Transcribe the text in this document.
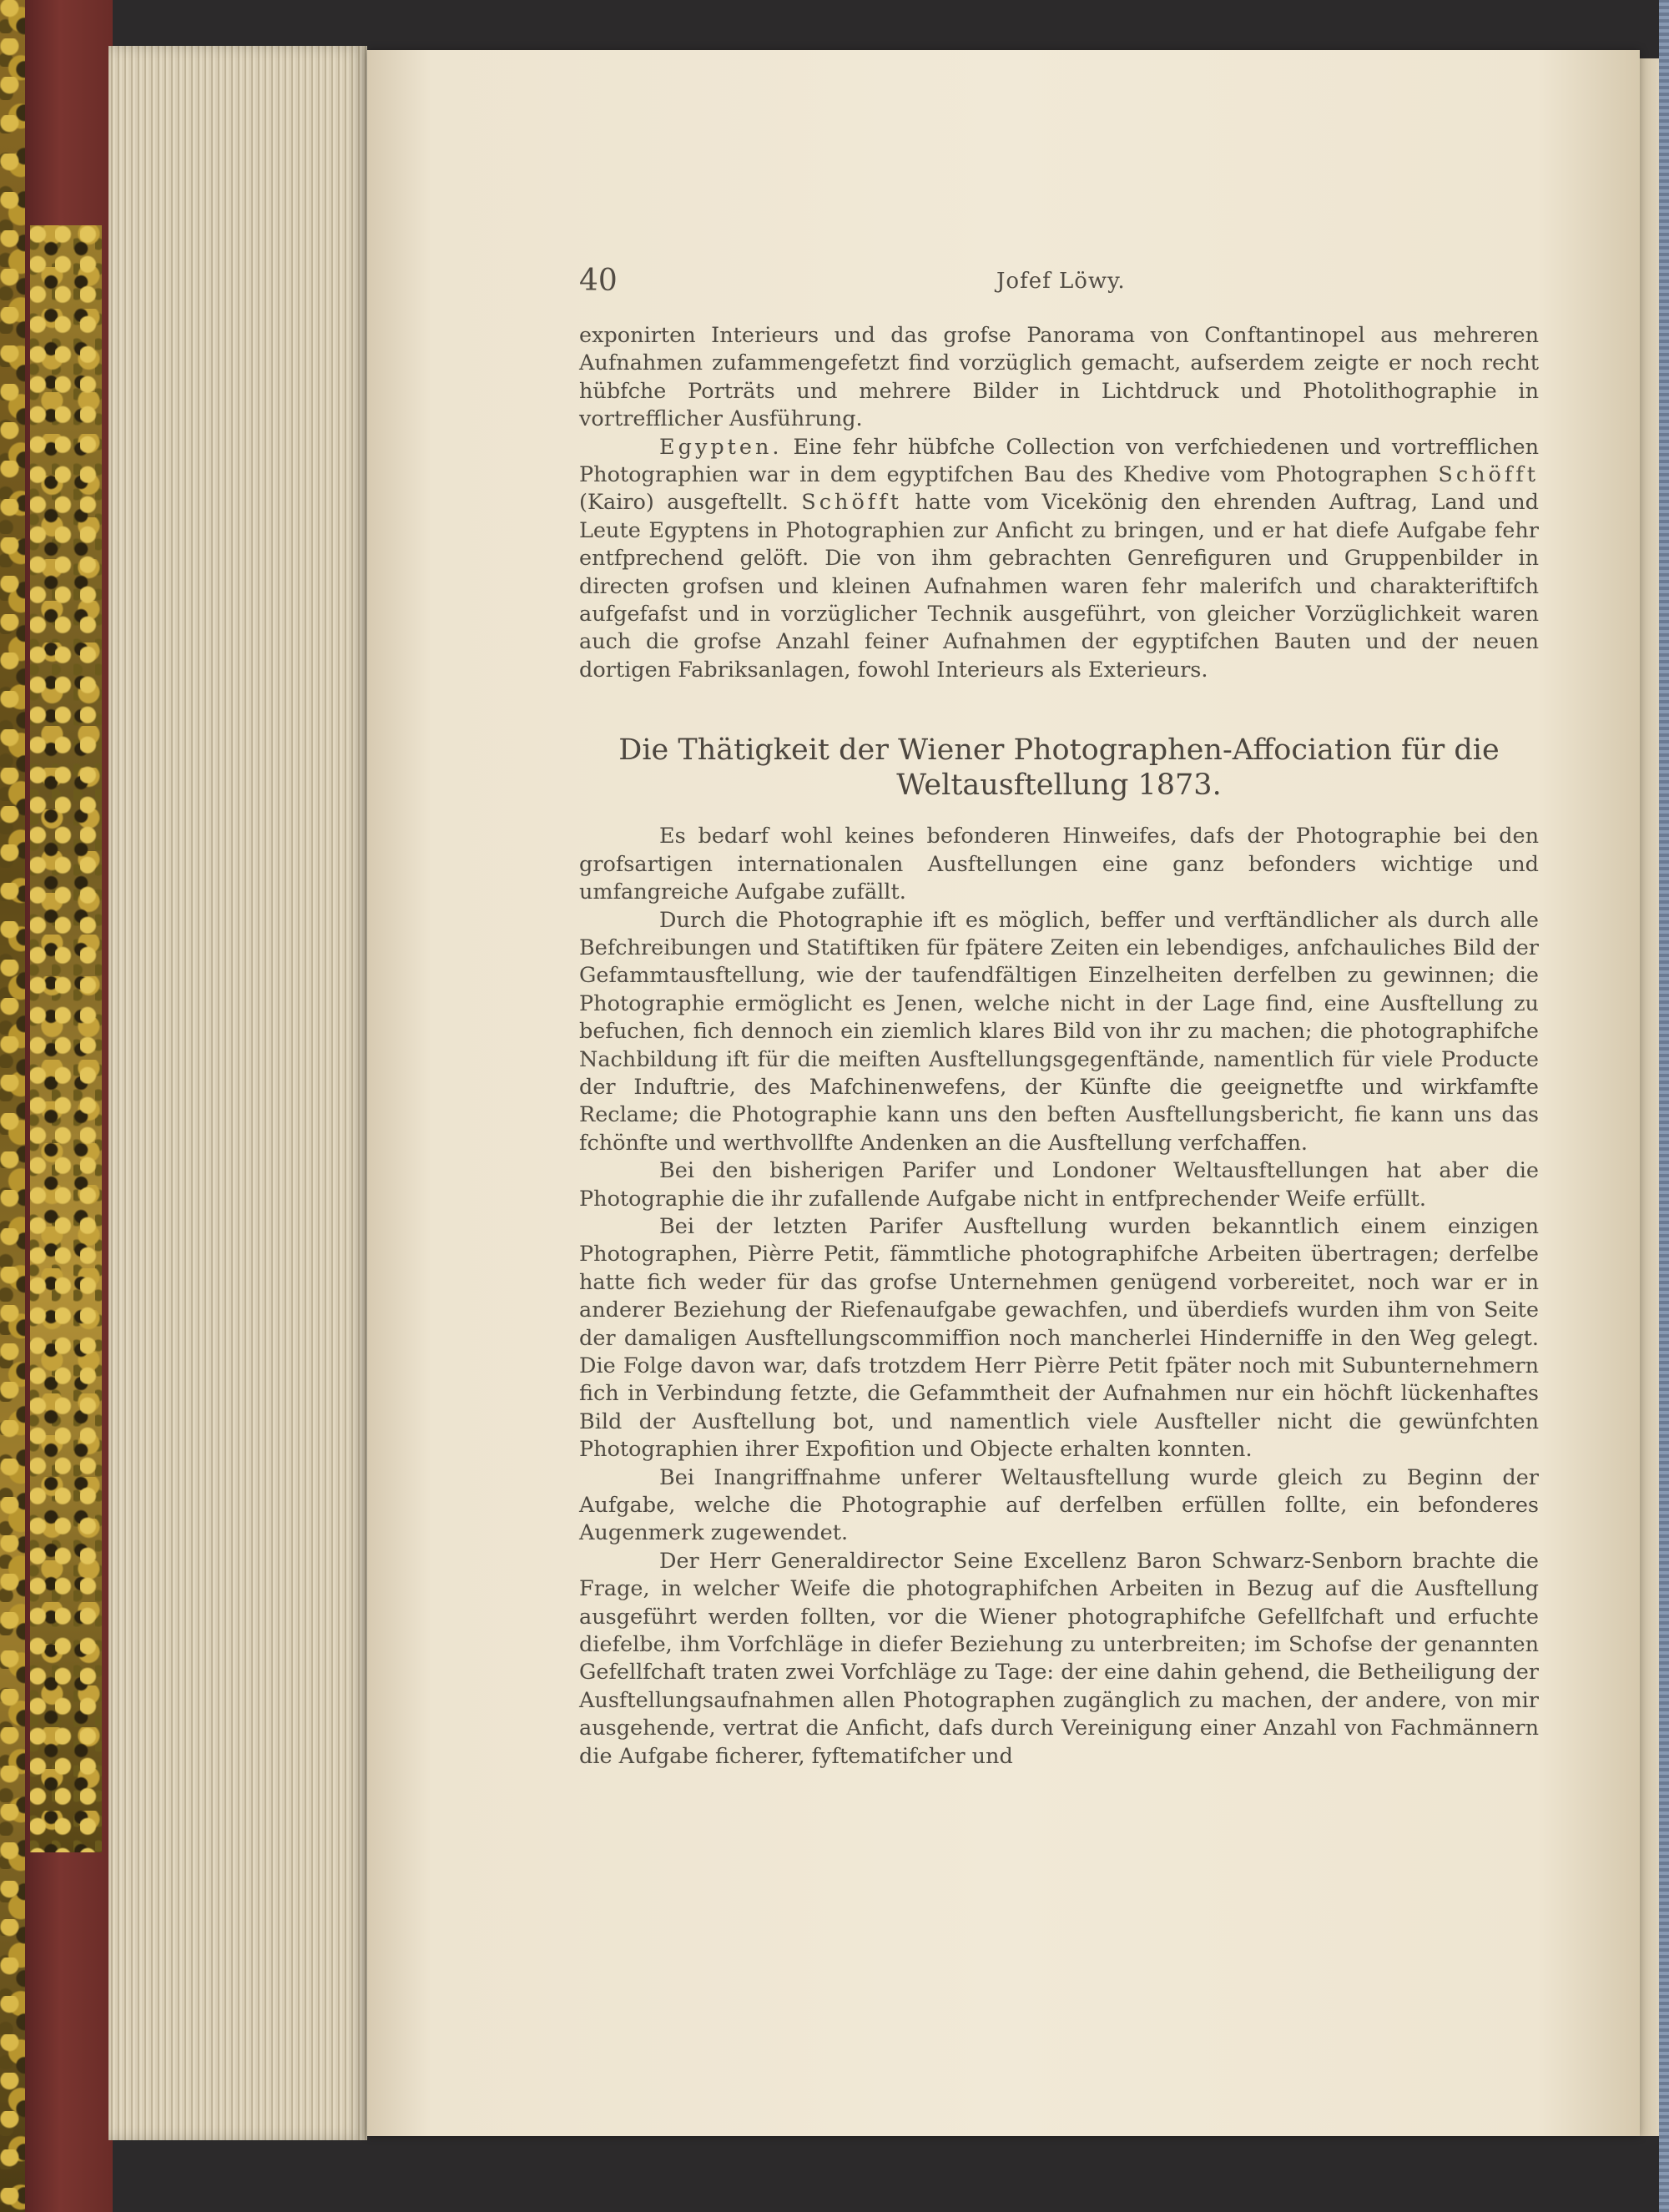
40	Jofef Löwy.

exponirten Interieurs und das grofse Panorama von Conftantinopel aus mehreren Aufnahmen zufammengefetzt find vorzüglich gemacht, aufserdem zeigte er noch recht hübfche Porträts und mehrere Bilder in Lichtdruck und Photolithographie in vortrefflicher Ausführung.

Egypten. Eine fehr hübfche Collection von verfchiedenen und vortrefflichen Photographien war in dem egyptifchen Bau des Khedive vom Photographen Schöfft (Kairo) ausgeftellt. Schöfft hatte vom Vicekönig den ehrenden Auftrag, Land und Leute Egyptens in Photographien zur Anficht zu bringen, und er hat diefe Aufgabe fehr entfprechend gelöft. Die von ihm gebrachten Genrefiguren und Gruppenbilder in directen grofsen und kleinen Aufnahmen waren fehr malerifch und charakteriftifch aufgefafst und in vorzüglicher Technik ausgeführt, von gleicher Vorzüglichkeit waren auch die grofse Anzahl feiner Aufnahmen der egyptifchen Bauten und der neuen dortigen Fabriksanlagen, fowohl Interieurs als Exterieurs.

Die Thätigkeit der Wiener Photographen-Affociation für die Weltausftellung 1873.

Es bedarf wohl keines befonderen Hinweifes, dafs der Photographie bei den grofsartigen internationalen Ausftellungen eine ganz befonders wichtige und umfangreiche Aufgabe zufällt.

Durch die Photographie ift es möglich, beffer und verftändlicher als durch alle Befchreibungen und Statiftiken für fpätere Zeiten ein lebendiges, anfchauliches Bild der Gefammtausftellung, wie der taufendfältigen Einzelheiten derfelben zu gewinnen; die Photographie ermöglicht es Jenen, welche nicht in der Lage find, eine Ausftellung zu befuchen, fich dennoch ein ziemlich klares Bild von ihr zu machen; die photographifche Nachbildung ift für die meiften Ausftellungsgegenftände, namentlich für viele Producte der Induftrie, des Mafchinenwefens, der Künfte die geeignetfte und wirkfamfte Reclame; die Photographie kann uns den beften Ausftellungsbericht, fie kann uns das fchönfte und werthvollfte Andenken an die Ausftellung verfchaffen.

Bei den bisherigen Parifer und Londoner Weltausftellungen hat aber die Photographie die ihr zufallende Aufgabe nicht in entfprechender Weife erfüllt.

Bei der letzten Parifer Ausftellung wurden bekanntlich einem einzigen Photographen, Pièrre Petit, fämmtliche photographifche Arbeiten übertragen; derfelbe hatte fich weder für das grofse Unternehmen genügend vorbereitet, noch war er in anderer Beziehung der Riefenaufgabe gewachfen, und überdiefs wurden ihm von Seite der damaligen Ausftellungscommiffion noch mancherlei Hinderniffe in den Weg gelegt. Die Folge davon war, dafs trotzdem Herr Pièrre Petit fpäter noch mit Subunternehmern fich in Verbindung fetzte, die Gefammtheit der Aufnahmen nur ein höchft lückenhaftes Bild der Ausftellung bot, und namentlich viele Ausfteller nicht die gewünfchten Photographien ihrer Expofition und Objecte erhalten konnten.

Bei Inangriffnahme unferer Weltausftellung wurde gleich zu Beginn der Aufgabe, welche die Photographie auf derfelben erfüllen follte, ein befonderes Augenmerk zugewendet.

Der Herr Generaldirector Seine Excellenz Baron Schwarz-Senborn brachte die Frage, in welcher Weife die photographifchen Arbeiten in Bezug auf die Ausftellung ausgeführt werden follten, vor die Wiener photographifche Gefellfchaft und erfuchte diefelbe, ihm Vorfchläge in diefer Beziehung zu unterbreiten; im Schofse der genannten Gefellfchaft traten zwei Vorfchläge zu Tage: der eine dahin gehend, die Betheiligung der Ausftellungsaufnahmen allen Photographen zugänglich zu machen, der andere, von mir ausgehende, vertrat die Anficht, dafs durch Vereinigung einer Anzahl von Fachmännern die Aufgabe ficherer, fyftematifcher und
